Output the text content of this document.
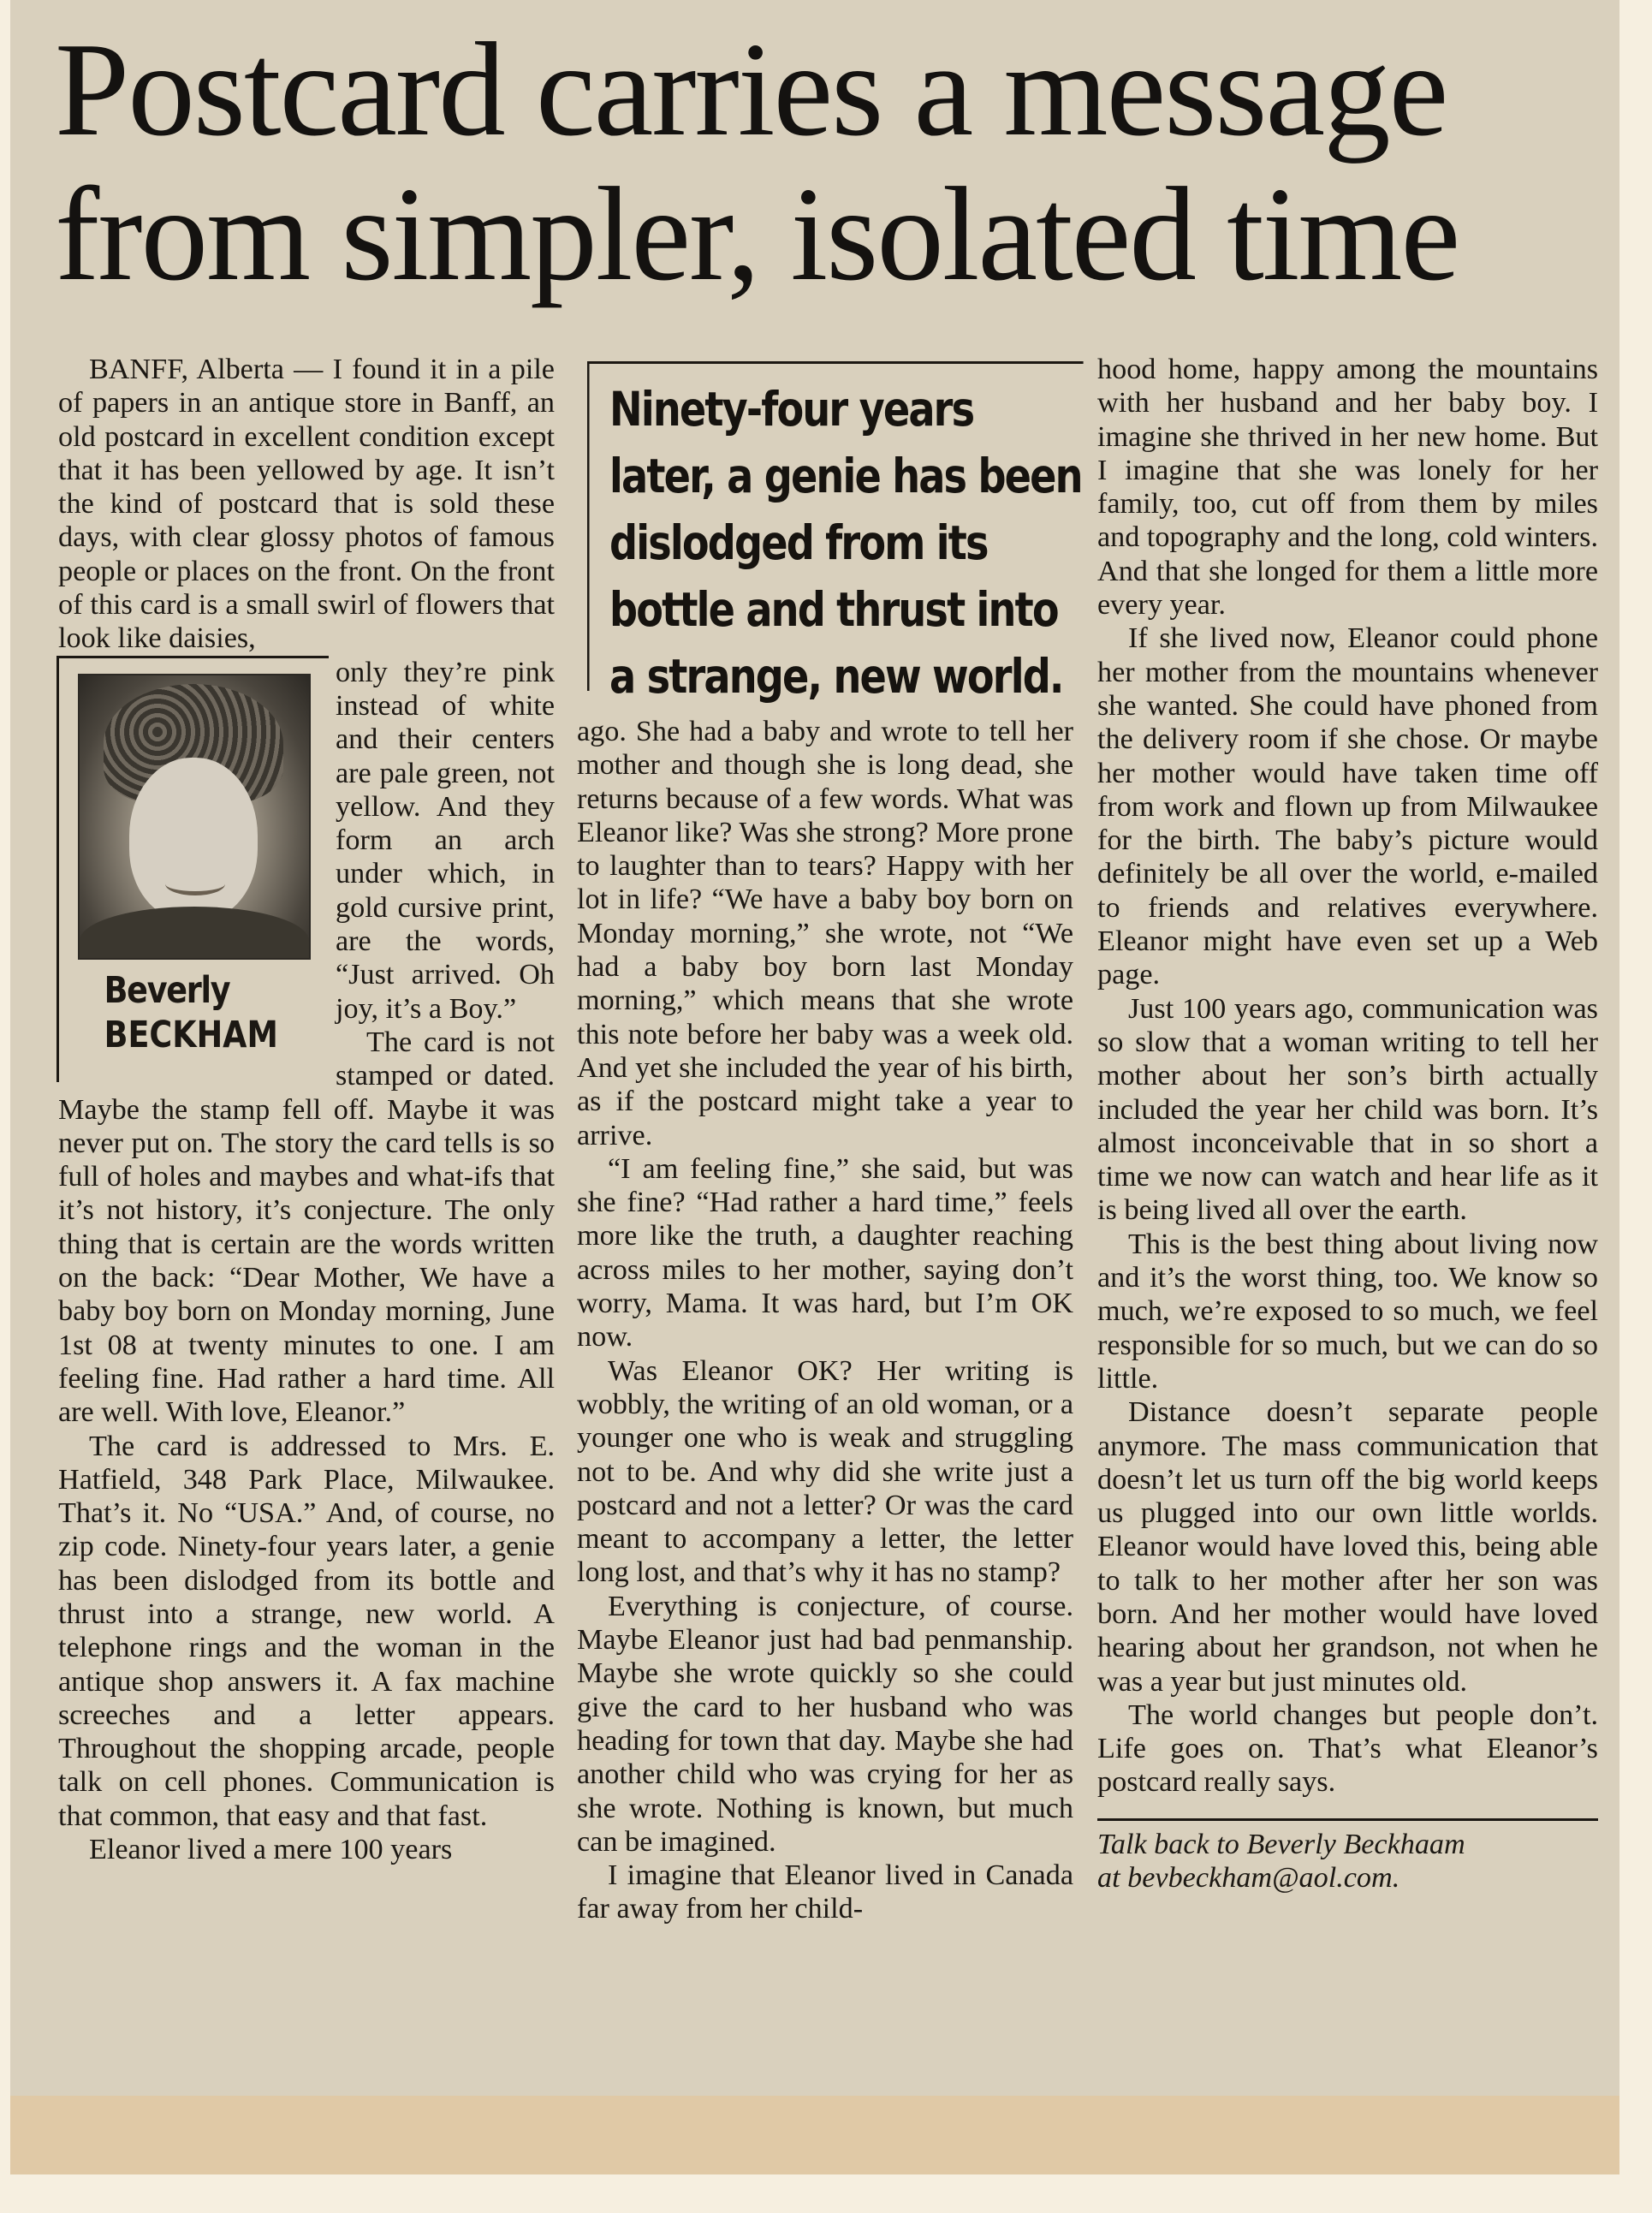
Postcard carries a message
from simpler, isolated time

BANFF, Alberta — I found it in a pile of papers in an antique store in Banff, an old postcard in excellent condition except that it has been yellowed by age. It isn’t the kind of postcard that is sold these days, with clear glossy photos of famous people or places on the front. On the front of this card is a small swirl of flowers that look like daisies,
Beverly
BECKHAM
only they’re pink instead of white and their centers are pale green, not yellow. And they form an arch under which, in gold cursive print, are the words, “Just arrived. Oh joy, it’s a Boy.”

The card is not stamped or dated. Maybe the stamp fell off. Maybe it was never put on. The story the card tells is so full of holes and maybes and what-ifs that it’s not history, it’s conjecture. The only thing that is certain are the words written on the back: “Dear Mother, We have a baby boy born on Monday morning, June 1st 08 at twenty minutes to one. I am feeling fine. Had rather a hard time. All are well. With love, Eleanor.”

The card is addressed to Mrs. E. Hatfield, 348 Park Place, Milwaukee. That’s it. No “USA.” And, of course, no zip code. Ninety-four years later, a genie has been dislodged from its bottle and thrust into a strange, new world. A telephone rings and the woman in the antique shop answers it. A fax machine screeches and a letter appears. Throughout the shopping arcade, people talk on cell phones. Communication is that common, that easy and that fast.

Eleanor lived a mere 100 years

Ninety-four years later, a genie has been dislodged from its bottle and thrust into a strange, new world.

ago. She had a baby and wrote to tell her mother and though she is long dead, she returns because of a few words. What was Eleanor like? Was she strong? More prone to laughter than to tears? Happy with her lot in life? “We have a baby boy born on Monday morning,” she wrote, not “We had a baby boy born last Monday morning,” which means that she wrote this note before her baby was a week old. And yet she included the year of his birth, as if the postcard might take a year to arrive.

“I am feeling fine,” she said, but was she fine? “Had rather a hard time,” feels more like the truth, a daughter reaching across miles to her mother, saying don’t worry, Mama. It was hard, but I’m OK now.

Was Eleanor OK? Her writing is wobbly, the writing of an old woman, or a younger one who is weak and struggling not to be. And why did she write just a postcard and not a letter? Or was the card meant to accompany a letter, the letter long lost, and that’s why it has no stamp?

Everything is conjecture, of course. Maybe Eleanor just had bad penmanship. Maybe she wrote quickly so she could give the card to her husband who was heading for town that day. Maybe she had another child who was crying for her as she wrote. Nothing is known, but much can be imagined.

I imagine that Eleanor lived in Canada far away from her child-

hood home, happy among the mountains with her husband and her baby boy. I imagine she thrived in her new home. But I imagine that she was lonely for her family, too, cut off from them by miles and topography and the long, cold winters. And that she longed for them a little more every year.

If she lived now, Eleanor could phone her mother from the mountains whenever she wanted. She could have phoned from the delivery room if she chose. Or maybe her mother would have taken time off from work and flown up from Milwaukee for the birth. The baby’s picture would definitely be all over the world, e-mailed to friends and relatives everywhere. Eleanor might have even set up a Web page.

Just 100 years ago, communication was so slow that a woman writing to tell her mother about her son’s birth actually included the year her child was born. It’s almost inconceivable that in so short a time we now can watch and hear life as it is being lived all over the earth.

This is the best thing about living now and it’s the worst thing, too. We know so much, we’re exposed to so much, we feel responsible for so much, but we can do so little.

Distance doesn’t separate people anymore. The mass communication that doesn’t let us turn off the big world keeps us plugged into our own little worlds. Eleanor would have loved this, being able to talk to her mother after her son was born. And her mother would have loved hearing about her grandson, not when he was a year but just minutes old.

The world changes but people don’t. Life goes on. That’s what Eleanor’s postcard really says.

Talk back to Beverly Beckhaam
at bevbeckham@aol.com.
